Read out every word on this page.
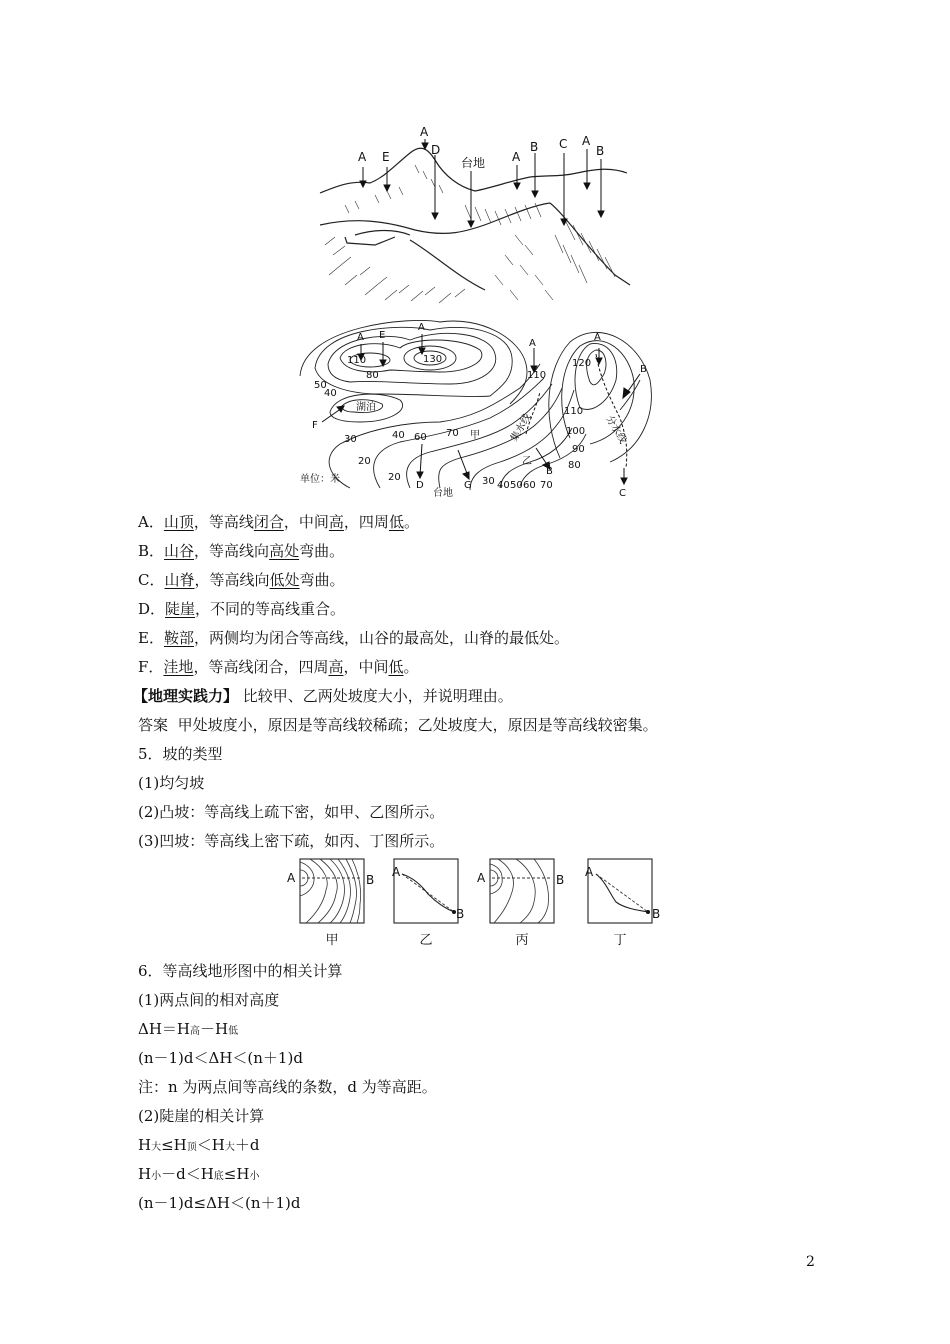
A E
A
D
台地 A
B C A
B
A E
A
110	130
80
50
40
湖泊
F
30	40 60 70 甲
20
20
D
台地
G 30 40 50 60 70
乙
B
A
110
集水线
A
120
B
110
100
90
80
分水线
C
单位：米
A．山顶，等高线闭合，中间高，四周低。
B．山谷，等高线向高处弯曲。
C．山脊，等高线向低处弯曲。
D．陡崖，不同的等高线重合。
E．鞍部，两侧均为闭合等高线，山谷的最高处，山脊的最低处。
F．洼地，等高线闭合，四周高，中间低。
【地理实践力】 比较甲、乙两处坡度大小，并说明理由。
答案 甲处坡度小，原因是等高线较稀疏；乙处坡度大，原因是等高线较密集。
5．坡的类型
(1)均匀坡
(2)凸坡：等高线上疏下密，如甲、乙图所示。
(3)凹坡：等高线上密下疏，如丙、丁图所示。
A	B
A
B
A	B
A
B
甲	乙	丙	丁
6．等高线地形图中的相关计算
(1)两点间的相对高度
ΔH＝H高－H低
(n－1)d＜ΔH＜(n＋1)d
注：n 为两点间等高线的条数，d 为等高距。
(2)陡崖的相关计算
H大≤H顶＜H大＋d
H小－d＜H底≤H小
(n－1)d≤ΔH＜(n＋1)d
2
